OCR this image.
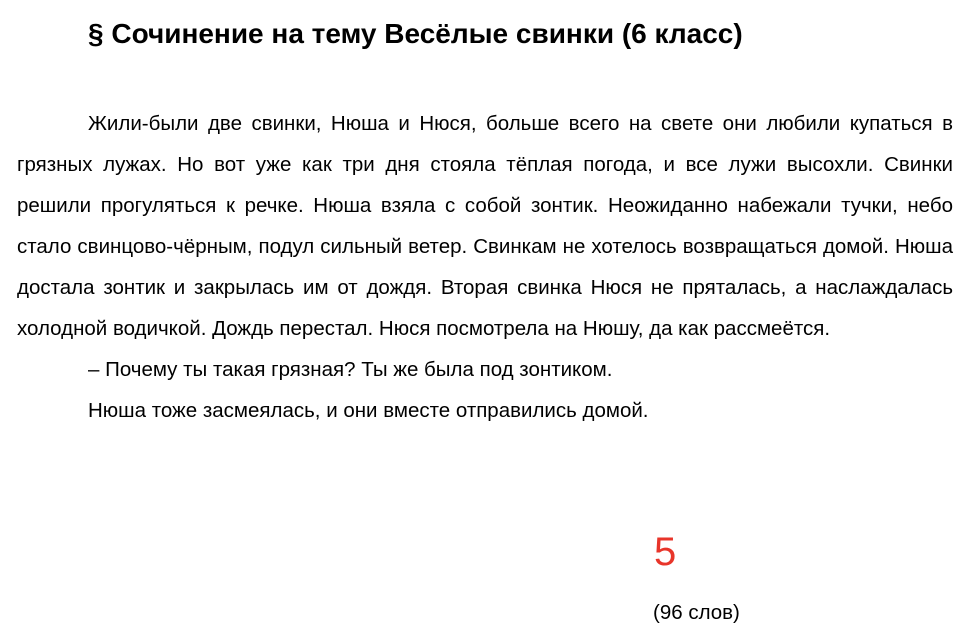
§ Сочинение на тему Весёлые свинки (6 класс)

Жили-были две свинки, Нюша и Нюся, больше всего на свете они любили купаться в грязных лужах. Но вот уже как три дня стояла тёплая погода, и все лужи высохли. Свинки решили прогуляться к речке. Нюша взяла с собой зонтик. Неожиданно набежали тучки, небо стало свинцово-чёрным, подул сильный ветер. Свинкам не хотелось возвращаться домой. Нюша достала зонтик и закрылась им от дождя. Вторая свинка Нюся не пряталась, а наслаждалась холодной водичкой. Дождь перестал. Нюся посмотрела на Нюшу, да как рассмеётся.

– Почему ты такая грязная? Ты же была под зонтиком.

Нюша тоже засмеялась, и они вместе отправились домой.

5
(96 слов)
